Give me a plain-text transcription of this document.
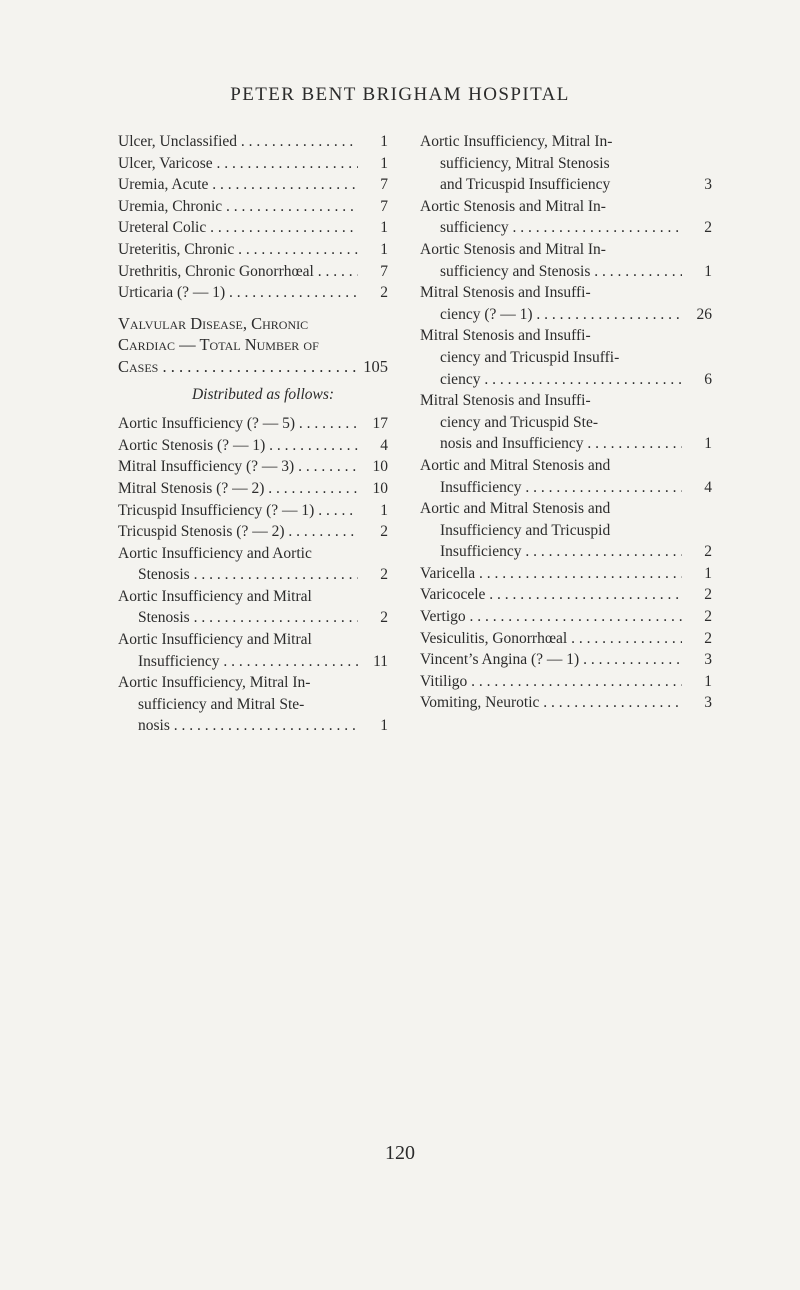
PETER BENT BRIGHAM HOSPITAL
Ulcer, Unclassified . . .	1
Ulcer, Varicose . . .	1
Uremia, Acute . . .	7
Uremia, Chronic . . .	7
Ureteral Colic . . .	1
Ureteritis, Chronic . . .	1
Urethritis, Chronic Gonorrhœal . . .	7
Urticaria (? — 1) . . .	2
Valvular Disease, Chronic
Cardiac — Total Number of
Cases . . .	105
Distributed as follows:
Aortic Insufficiency (? — 5) . . .	17
Aortic Stenosis (? — 1) . . .	4
Mitral Insufficiency (? — 3) . . .	10
Mitral Stenosis (? — 2) . . .	10
Tricuspid Insufficiency (? — 1) . . .	1
Tricuspid Stenosis (? — 2) . . .	2
Aortic Insufficiency and Aortic
Stenosis . . .	2
Aortic Insufficiency and Mitral
Stenosis . . .	2
Aortic Insufficiency and Mitral
Insufficiency . . .	11
Aortic Insufficiency, Mitral In-
sufficiency and Mitral Ste-
nosis . . .	1
Aortic Insufficiency, Mitral In-
sufficiency, Mitral Stenosis
and Tricuspid Insufficiency	3
Aortic Stenosis and Mitral In-
sufficiency . . .	2
Aortic Stenosis and Mitral In-
sufficiency and Stenosis . . .	1
Mitral Stenosis and Insuffi-
ciency (? — 1) . . .	26
Mitral Stenosis and Insuffi-
ciency and Tricuspid Insuffi-
ciency . . .	6
Mitral Stenosis and Insuffi-
ciency and Tricuspid Ste-
nosis and Insufficiency . . .	1
Aortic and Mitral Stenosis and
Insufficiency . . .	4
Aortic and Mitral Stenosis and
Insufficiency and Tricuspid
Insufficiency . . .	2
Varicella . . .	1
Varicocele . . .	2
Vertigo . . .	2
Vesiculitis, Gonorrhœal . . .	2
Vincent’s Angina (? — 1) . . .	3
Vitiligo . . .	1
Vomiting, Neurotic . . .	3
120
